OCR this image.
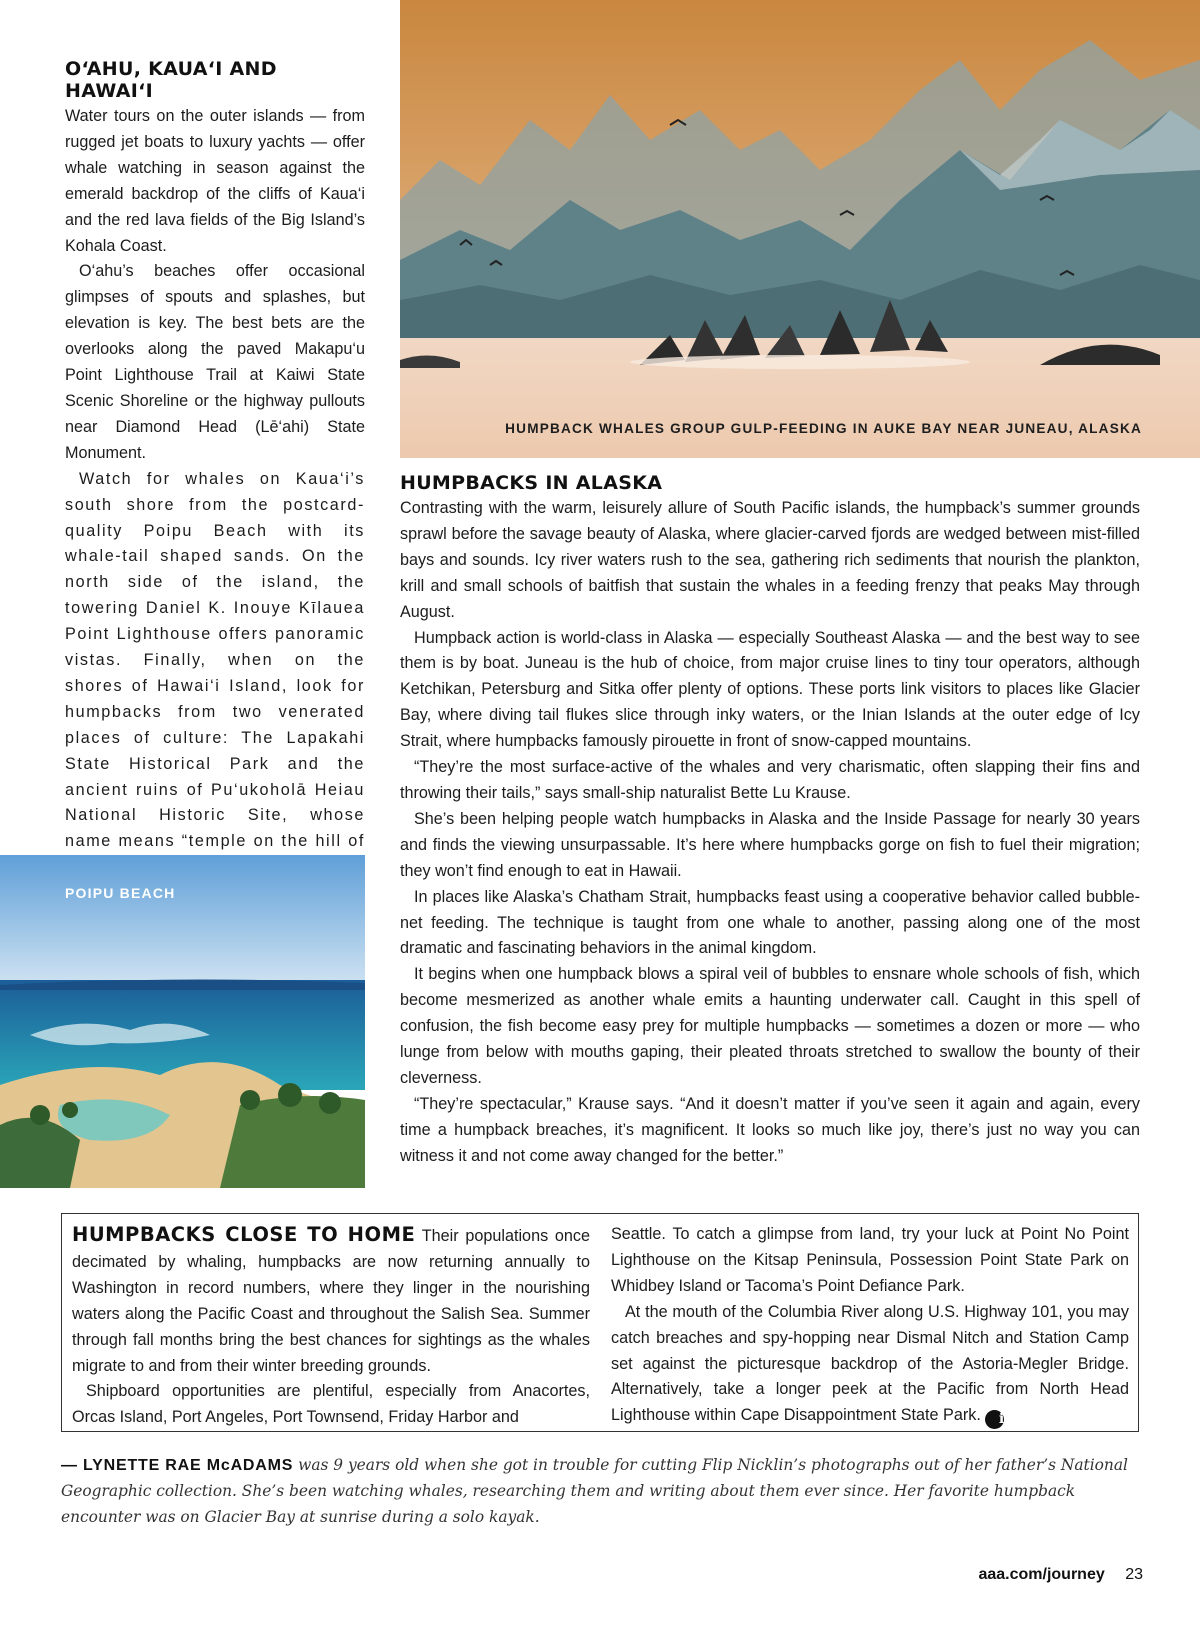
O‘AHU, KAUA‘I AND HAWAI‘I

Water tours on the outer islands — from rugged jet boats to luxury yachts — offer whale watching in season against the emerald backdrop of the cliffs of Kaua‘i and the red lava fields of the Big Island’s Kohala Coast.

O‘ahu’s beaches offer occasional glimpses of spouts and splashes, but elevation is key. The best bets are the overlooks along the paved Makapu‘u Point Lighthouse Trail at Kaiwi State Scenic Shoreline or the highway pullouts near Diamond Head (Lē‘ahi) State Monument.

Watch for whales on Kaua‘i’s south shore from the postcard-quality Poipu Beach with its whale-tail shaped sands. On the north side of the island, the towering Daniel K. Inouye Kīlauea Point Lighthouse offers panoramic vistas. Finally, when on the shores of Hawai‘i Island, look for humpbacks from two venerated places of culture: The Lapakahi State Historical Park and the ancient ruins of Pu‘ukoholā Heiau National Historic Site, whose name means “temple on the hill of

HUMPBACK WHALES GROUP GULP-FEEDING IN AUKE BAY NEAR JUNEAU, ALASKA
HUMPBACKS IN ALASKA

Contrasting with the warm, leisurely allure of South Pacific islands, the humpback’s summer grounds sprawl before the savage beauty of Alaska, where glacier-carved fjords are wedged between mist-filled bays and sounds. Icy river waters rush to the sea, gathering rich sediments that nourish the plankton, krill and small schools of baitfish that sustain the whales in a feeding frenzy that peaks May through August.

Humpback action is world-class in Alaska — especially Southeast Alaska — and the best way to see them is by boat. Juneau is the hub of choice, from major cruise lines to tiny tour operators, although Ketchikan, Petersburg and Sitka offer plenty of options. These ports link visitors to places like Glacier Bay, where diving tail flukes slice through inky waters, or the Inian Islands at the outer edge of Icy Strait, where humpbacks famously pirouette in front of snow-capped mountains.

“They’re the most surface-active of the whales and very charismatic, often slapping their fins and throwing their tails,” says small-ship naturalist Bette Lu Krause.

She’s been helping people watch humpbacks in Alaska and the Inside Passage for nearly 30 years and finds the viewing unsurpassable. It’s here where humpbacks gorge on fish to fuel their migration; they won’t find enough to eat in Hawaii.

In places like Alaska’s Chatham Strait, humpbacks feast using a cooperative behavior called bubble-net feeding. The technique is taught from one whale to another, passing along one of the most dramatic and fascinating behaviors in the animal kingdom.

It begins when one humpback blows a spiral veil of bubbles to ensnare whole schools of fish, which become mesmerized as another whale emits a haunting underwater call. Caught in this spell of confusion, the fish become easy prey for multiple humpbacks — sometimes a dozen or more — who lunge from below with mouths gaping, their pleated throats stretched to swallow the bounty of their cleverness.

“They’re spectacular,” Krause says. “And it doesn’t matter if you’ve seen it again and again, every time a humpback breaches, it’s magnificent. It looks so much like joy, there’s just no way you can witness it and not come away changed for the better.”

POIPU BEACH

HUMPBACKS CLOSE TO HOME Their populations once decimated by whaling, humpbacks are now returning annually to Washington in record numbers, where they linger in the nourishing waters along the Pacific Coast and throughout the Salish Sea. Summer through fall months bring the best chances for sightings as the whales migrate to and from their winter breeding grounds.

Shipboard opportunities are plentiful, especially from Anacortes, Orcas Island, Port Angeles, Port Townsend, Friday Harbor and

Seattle. To catch a glimpse from land, try your luck at Point No Point Lighthouse on the Kitsap Peninsula, Possession Point State Park on Whidbey Island or Tacoma’s Point Defiance Park.

At the mouth of the Columbia River along U.S. Highway 101, you may catch breaches and spy-hopping near Dismal Nitch and Station Camp set against the picturesque backdrop of the Astoria-Megler Bridge. Alternatively, take a longer peek at the Pacific from North Head Lighthouse within Cape Disappointment State Park. i

— LYNETTE RAE McADAMS was 9 years old when she got in trouble for cutting Flip Nicklin’s photographs out of her father’s National Geographic collection. She’s been watching whales, researching them and writing about them ever since. Her favorite humpback encounter was on Glacier Bay at sunrise during a solo kayak.
aaa.com/journey 23
